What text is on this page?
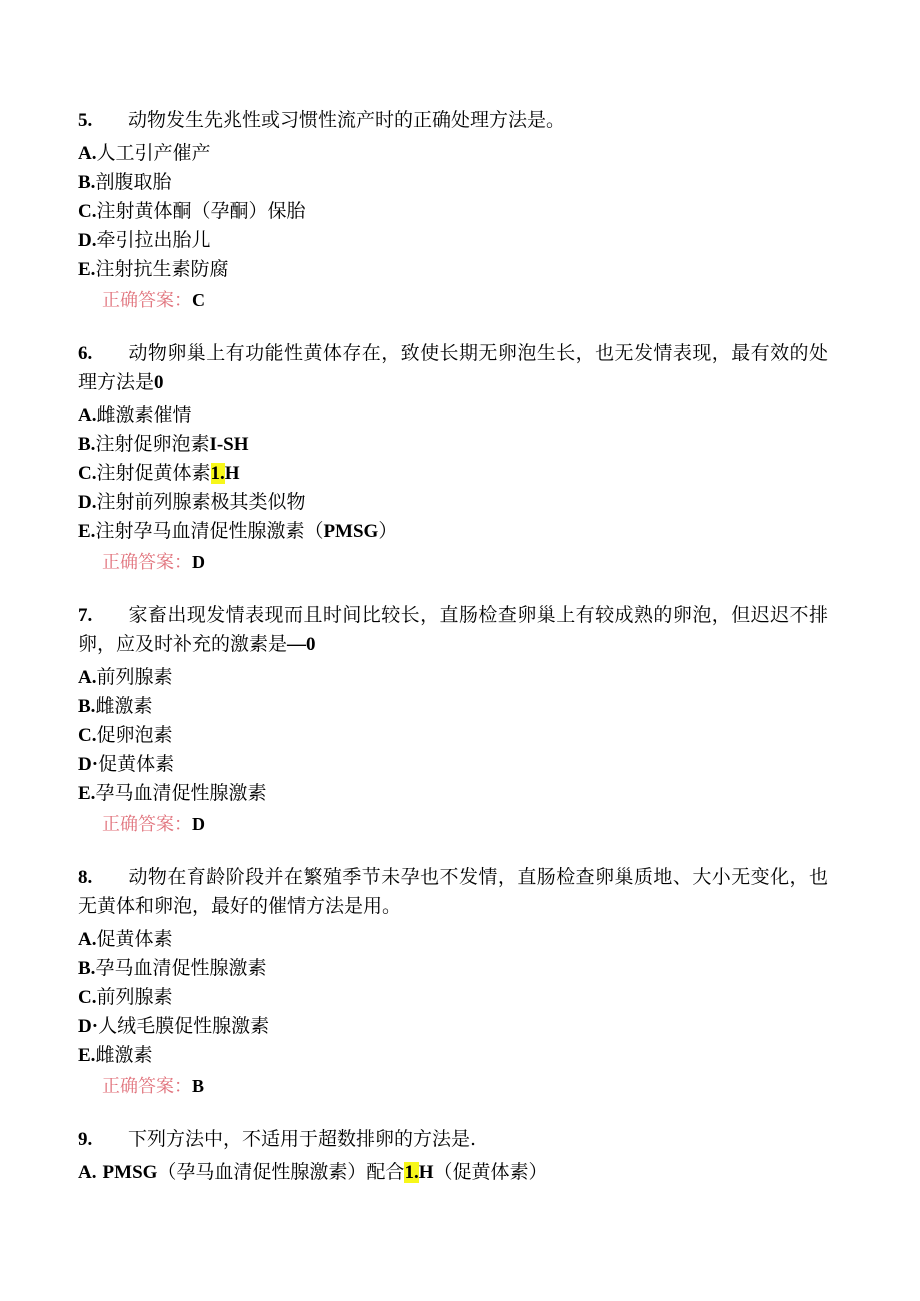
5. 动物发生先兆性或习惯性流产时的正确处理方法是。

A.人工引产催产
B.剖腹取胎
C.注射黄体酮（孕酮）保胎
D.牵引拉出胎儿
E.注射抗生素防腐
正确答案：C

6. 动物卵巢上有功能性黄体存在，致使长期无卵泡生长，也无发情表现，最有效的处理方法是0

A.雌激素催情
B.注射促卵泡素I-SH
C.注射促黄体素1.H
D.注射前列腺素极其类似物
E.注射孕马血清促性腺激素（PMSG）
正确答案：D

7. 家畜出现发情表现而且时间比较长，直肠检查卵巢上有较成熟的卵泡，但迟迟不排卵，应及时补充的激素是—0

A.前列腺素
B.雌激素
C.促卵泡素
D·促黄体素
E.孕马血清促性腺激素
正确答案：D

8. 动物在育龄阶段并在繁殖季节未孕也不发情，直肠检查卵巢质地、大小无变化，也无黄体和卵泡，最好的催情方法是用。

A.促黄体素
B.孕马血清促性腺激素
C.前列腺素
D·人绒毛膜促性腺激素
E.雌激素
正确答案：B

9. 下列方法中，不适用于超数排卵的方法是.

A. PMSG（孕马血清促性腺激素）配合1.H（促黄体素）
